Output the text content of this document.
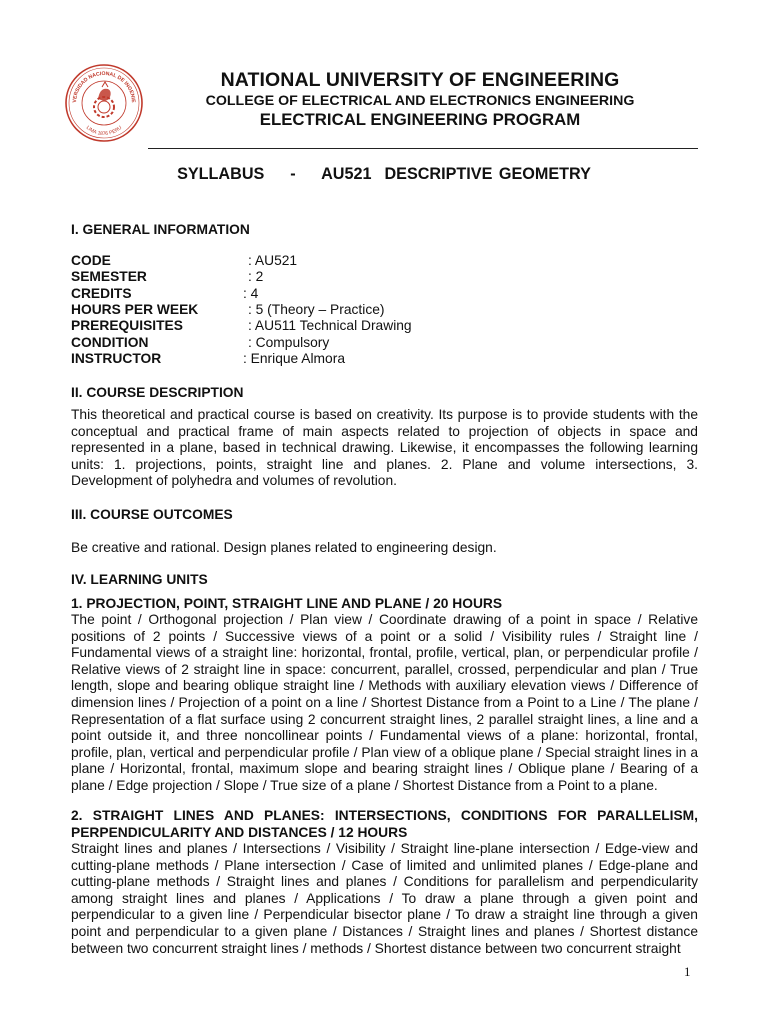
VERSIDAD NACIONAL DE INGENIE
LIMA 1876 PERU
NATIONAL UNIVERSITY OF ENGINEERING
COLLEGE OF ELECTRICAL AND ELECTRONICS ENGINEERING
ELECTRICAL ENGINEERING PROGRAM
SYLLABUS    -    AU521  DESCRIPTIVE GEOMETRY
I. GENERAL INFORMATION
CODE	: AU521
SEMESTER	: 2
CREDITS	: 4
HOURS PER WEEK	: 5 (Theory – Practice)
PREREQUISITES	: AU511 Technical Drawing
CONDITION	: Compulsory
INSTRUCTOR	: Enrique Almora
II. COURSE DESCRIPTION
This theoretical and practical course is based on creativity. Its purpose is to provide students with the conceptual and practical frame of main aspects related to projection of objects in space and represented in a plane, based in technical drawing. Likewise, it encompasses the following learning units: 1. projections, points, straight line and planes. 2. Plane and volume intersections, 3. Development of polyhedra and volumes of revolution.
III. COURSE OUTCOMES
Be creative and rational. Design planes related to engineering design.
IV. LEARNING UNITS
1. PROJECTION, POINT, STRAIGHT LINE AND PLANE / 20 HOURS
The point / Orthogonal projection / Plan view / Coordinate drawing of a point in space / Relative positions of 2 points / Successive views of a point or a solid / Visibility rules / Straight line / Fundamental views of a straight line: horizontal, frontal, profile, vertical, plan, or perpendicular profile / Relative views of 2 straight line in space: concurrent, parallel, crossed, perpendicular and plan / True length, slope and bearing oblique straight line / Methods with auxiliary elevation views / Difference of dimension lines / Projection of a point on a line / Shortest Distance from a Point to a Line / The plane / Representation of a flat surface using 2 concurrent straight lines, 2 parallel straight lines, a line and a point outside it, and three noncollinear points / Fundamental views of a plane: horizontal, frontal, profile, plan, vertical and perpendicular profile / Plan view of a oblique plane / Special straight lines in a plane / Horizontal, frontal, maximum slope and bearing straight lines / Oblique plane / Bearing of a plane / Edge projection / Slope / True size of a plane / Shortest Distance from a Point to a plane.
2. STRAIGHT LINES AND PLANES: INTERSECTIONS, CONDITIONS FOR PARALLELISM, PERPENDICULARITY AND DISTANCES / 12 HOURS
Straight lines and planes / Intersections / Visibility / Straight line-plane intersection / Edge-view and cutting-plane methods / Plane intersection / Case of limited and unlimited planes / Edge-plane and cutting-plane methods / Straight lines and planes / Conditions for parallelism and perpendicularity among straight lines and planes / Applications / To draw a plane through a given point and perpendicular to a given line / Perpendicular bisector plane / To draw a straight line through a given point and perpendicular to a given plane / Distances / Straight lines and planes / Shortest distance between two concurrent straight lines / methods / Shortest distance between two concurrent straight
1
